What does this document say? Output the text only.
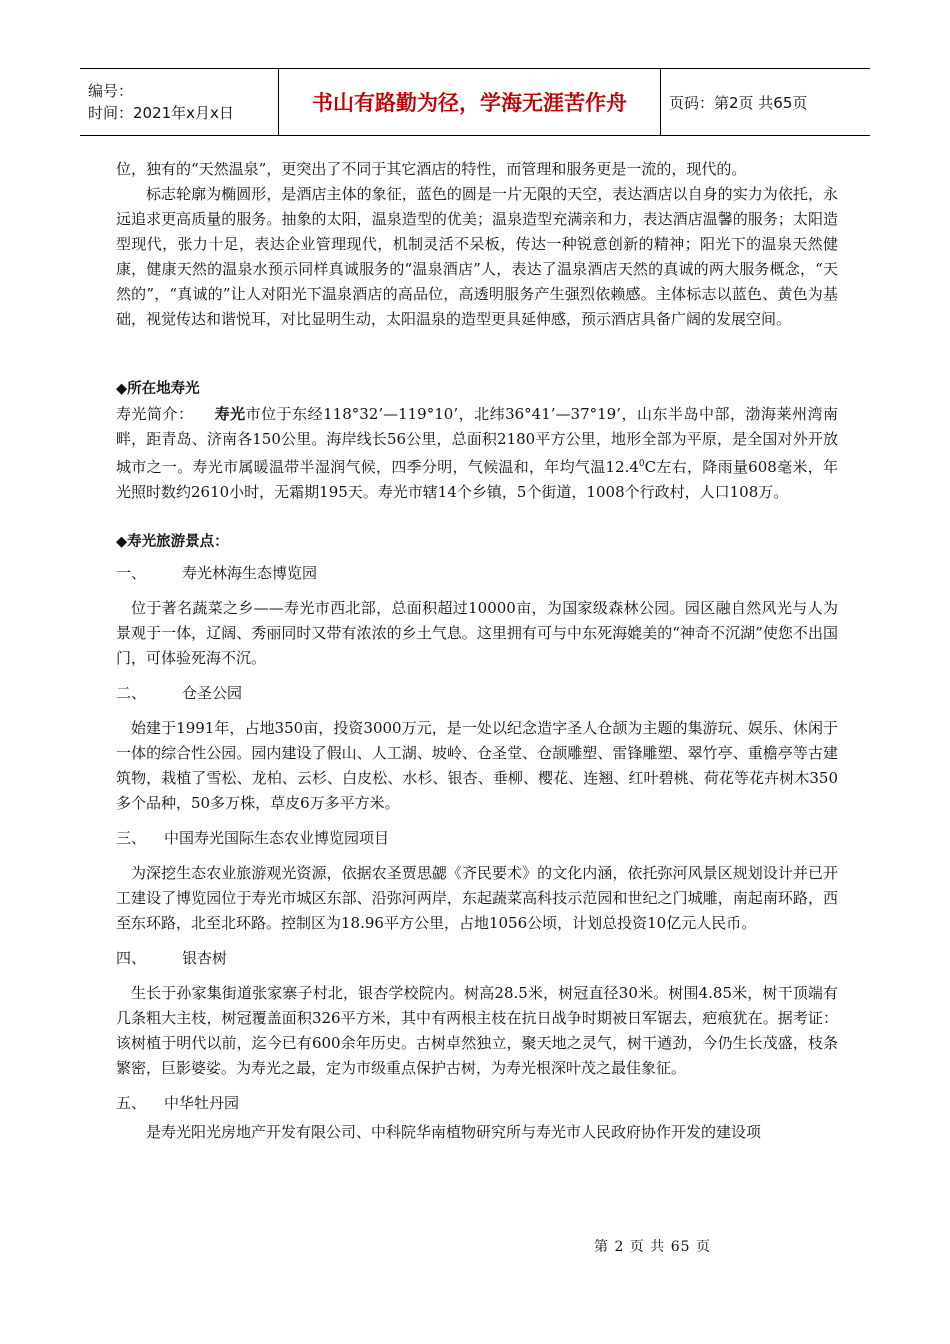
编号：
时间：2021年x月x日	书山有路勤为径，学海无涯苦作舟	页码：第2页 共65页

位，独有的“天然温泉”，更突出了不同于其它酒店的特性，而管理和服务更是一流的，现代的。

标志轮廓为椭圆形，是酒店主体的象征，蓝色的圆是一片无限的天空，表达酒店以自身的实力为依托，永远追求更高质量的服务。抽象的太阳，温泉造型的优美；温泉造型充满亲和力，表达酒店温馨的服务；太阳造型现代，张力十足，表达企业管理现代，机制灵活不呆板，传达一种锐意创新的精神；阳光下的温泉天然健康，健康天然的温泉水预示同样真诚服务的“温泉酒店”人，表达了温泉酒店天然的真诚的两大服务概念，“天然的”，“真诚的”让人对阳光下温泉酒店的高品位，高透明服务产生强烈依赖感。主体标志以蓝色、黄色为基础，视觉传达和谐悦耳，对比显明生动，太阳温泉的造型更具延伸感，预示酒店具备广阔的发展空间。

◆所在地寿光

寿光简介： 寿光市位于东经118°32’—119°10’，北纬36°41’—37°19’，山东半岛中部，渤海莱州湾南畔，距青岛、济南各150公里。海岸线长56公里，总面积2180平方公里，地形全部为平原，是全国对外开放城市之一。寿光市属暖温带半湿润气候，四季分明，气候温和，年均气温12.4$^0$C左右，降雨量608毫米，年光照时数约2610小时，无霜期195天。寿光市辖14个乡镇，5个街道，1008个行政村，人口108万。

◆寿光旅游景点：

一、	寿光林海生态博览园

位于著名蔬菜之乡——寿光市西北部，总面积超过10000亩，为国家级森林公园。园区融自然风光与人为景观于一体，辽阔、秀丽同时又带有浓浓的乡土气息。这里拥有可与中东死海媲美的“神奇不沉湖”使您不出国门，可体验死海不沉。

二、	仓圣公园

始建于1991年，占地350亩，投资3000万元，是一处以纪念造字圣人仓颉为主题的集游玩、娱乐、休闲于一体的综合性公园。园内建设了假山、人工湖、坡岭、仓圣堂、仓颉雕塑、雷锋雕塑、翠竹亭、重檐亭等古建筑物，栽植了雪松、龙柏、云杉、白皮松、水杉、银杏、垂柳、樱花、连翘、红叶碧桃、荷花等花卉树木350多个品种，50多万株，草皮6万多平方米。

三、	中国寿光国际生态农业博览园项目

为深挖生态农业旅游观光资源，依据农圣贾思勰《齐民要术》的文化内涵，依托弥河风景区规划设计并已开工建设了博览园位于寿光市城区东部、沿弥河两岸，东起蔬菜高科技示范园和世纪之门城雕，南起南环路，西至东环路，北至北环路。控制区为18.96平方公里，占地1056公顷，计划总投资10亿元人民币。

四、	银杏树

生长于孙家集街道张家寨子村北，银杏学校院内。树高28.5米，树冠直径30米。树围4.85米，树干顶端有几条粗大主枝，树冠覆盖面积326平方米，其中有两根主枝在抗日战争时期被日军锯去，疤痕犹在。据考证：该树植于明代以前，迄今已有600余年历史。古树卓然独立，聚天地之灵气，树干遒劲，今仍生长茂盛，枝条繁密，巨影婆娑。为寿光之最，定为市级重点保护古树，为寿光根深叶茂之最佳象征。

五、	中华牡丹园

是寿光阳光房地产开发有限公司、中科院华南植物研究所与寿光市人民政府协作开发的建设项

第 2 页 共 65 页
